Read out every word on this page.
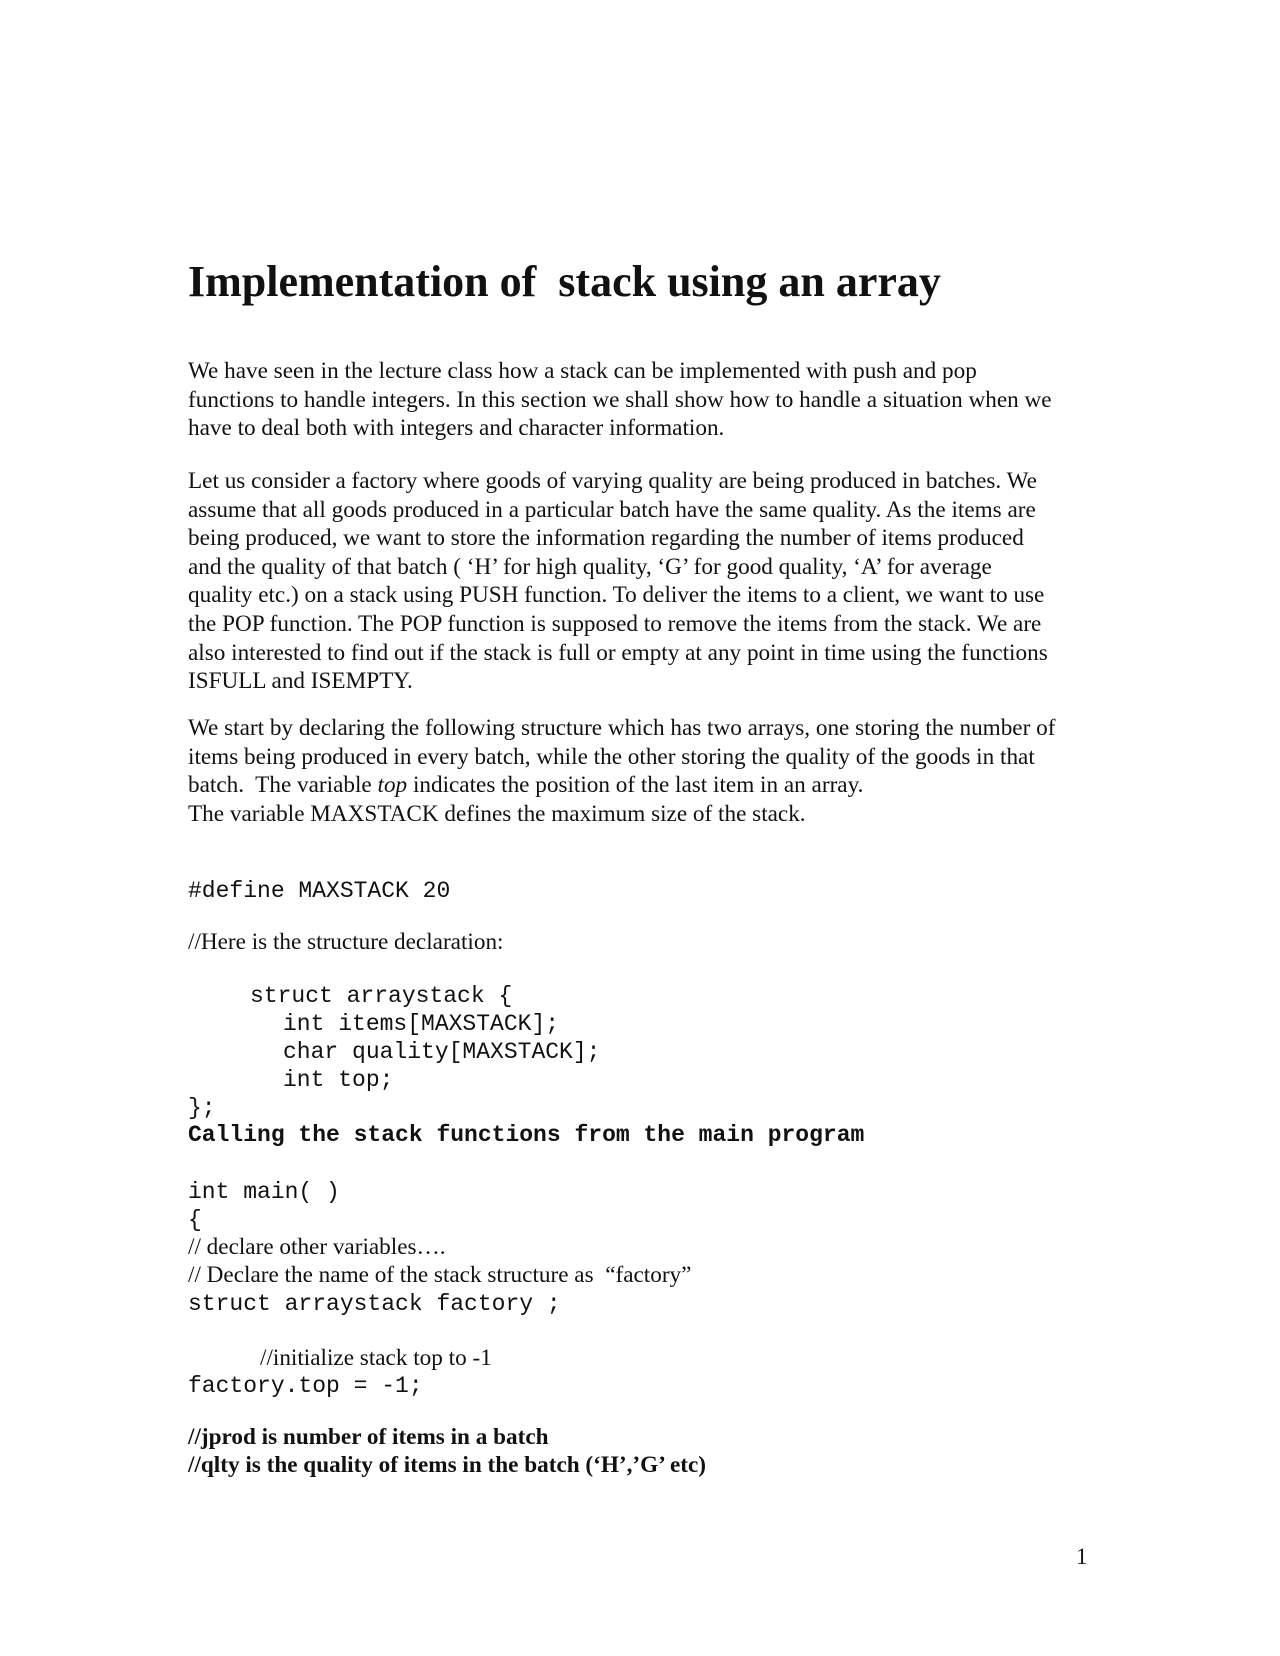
Implementation of  stack using an array
We have seen in the lecture class how a stack can be implemented with push and pop
functions to handle integers. In this section we shall show how to handle a situation when we
have to deal both with integers and character information.
Let us consider a factory where goods of varying quality are being produced in batches. We
assume that all goods produced in a particular batch have the same quality. As the items are
being produced, we want to store the information regarding the number of items produced
and the quality of that batch ( ‘H’ for high quality, ‘G’ for good quality, ‘A’ for average
quality etc.) on a stack using PUSH function. To deliver the items to a client, we want to use
the POP function. The POP function is supposed to remove the items from the stack. We are
also interested to find out if the stack is full or empty at any point in time using the functions
ISFULL and ISEMPTY.
We start by declaring the following structure which has two arrays, one storing the number of
items being produced in every batch, while the other storing the quality of the goods in that
batch.  The variable top indicates the position of the last item in an array.
The variable MAXSTACK defines the maximum size of the stack.
#define MAXSTACK 20
//Here is the structure declaration:
struct arraystack {
int items[MAXSTACK];
char quality[MAXSTACK];
int top;
};
Calling the stack functions from the main program
int main( )
{
// declare other variables….
// Declare the name of the stack structure as  “factory”
struct arraystack factory ;
//initialize stack top to -1
factory.top = -1;
//jprod is number of items in a batch
//qlty is the quality of items in the batch (‘H’,’G’ etc)
1
